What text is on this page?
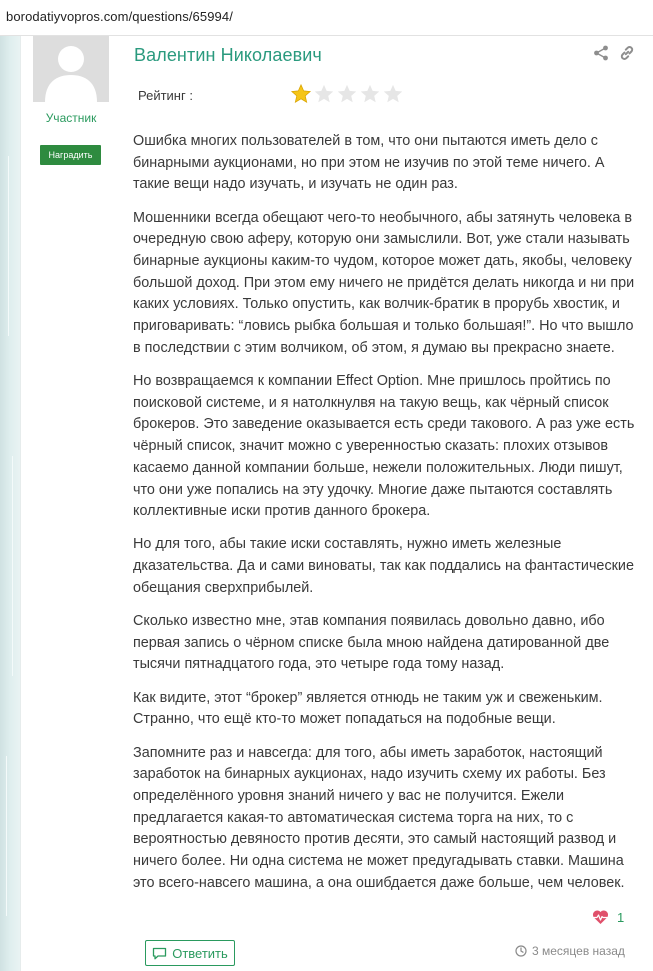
borodatiyvopros.com/questions/65994/
Участник
Наградить
Валентин Николаевич
Рейтинг :

Ошибка многих пользователей в том, что они пытаются иметь дело с бинарными аукционами, но при этом не изучив по этой теме ничего. А такие вещи надо изучать, и изучать не один раз.

Мошенники всегда обещают чего-то необычного, абы затянуть человека в очередную свою аферу, которую они замыслили. Вот, уже стали называть бинарные аукционы каким-то чудом, которое может дать, якобы, человеку большой доход. При этом ему ничего не придётся делать никогда и ни при каких условиях. Только опустить, как волчик-братик в прорубь хвостик, и приговаривать: “ловись рыбка большая и только большая!”. Но что вышло в последствии с этим волчиком, об этом, я думаю вы прекрасно знаете.

Но возвращаемся к компании Effect Option. Мне пришлось пройтись по поисковой системе, и я натолкнулвя на такую вещь, как чёрный список брокеров. Это заведение оказывается есть среди такового. А раз уже есть чёрный список, значит можно с уверенностью сказать: плохих отзывов касаемо данной компании больше, нежели положительных. Люди пишут, что они уже попались на эту удочку. Многие даже пытаются составлять коллективные иски против данного брокера.

Но для того, абы такие иски составлять, нужно иметь железные дказательства. Да и сами виноваты, так как поддались на фантастические обещания сверхприбылей.

Сколько известно мне, этав компания появилась довольно давно, ибо первая запись о чёрном списке была мною найдена датированной две тысячи пятнадцатого года, это четыре года тому назад.

Как видите, этот “брокер” является отнюдь не таким уж и свеженьким. Странно, что ещё кто-то может попадаться на подобные вещи.

Запомните раз и навсегда: для того, абы иметь заработок, настоящий заработок на бинарных аукционах, надо изучить схему их работы. Без определённого уровня знаний ничего у вас не получится. Ежели предлагается какая-то автоматическая система торга на них, то с вероятностью девяносто против десяти, это самый настоящий развод и ничего более. Ни одна система не может предугадывать ставки. Машина это всего-навсего машина, а она ошибдается даже больше, чем человек.

1
Ответить	3 месяцев назад
